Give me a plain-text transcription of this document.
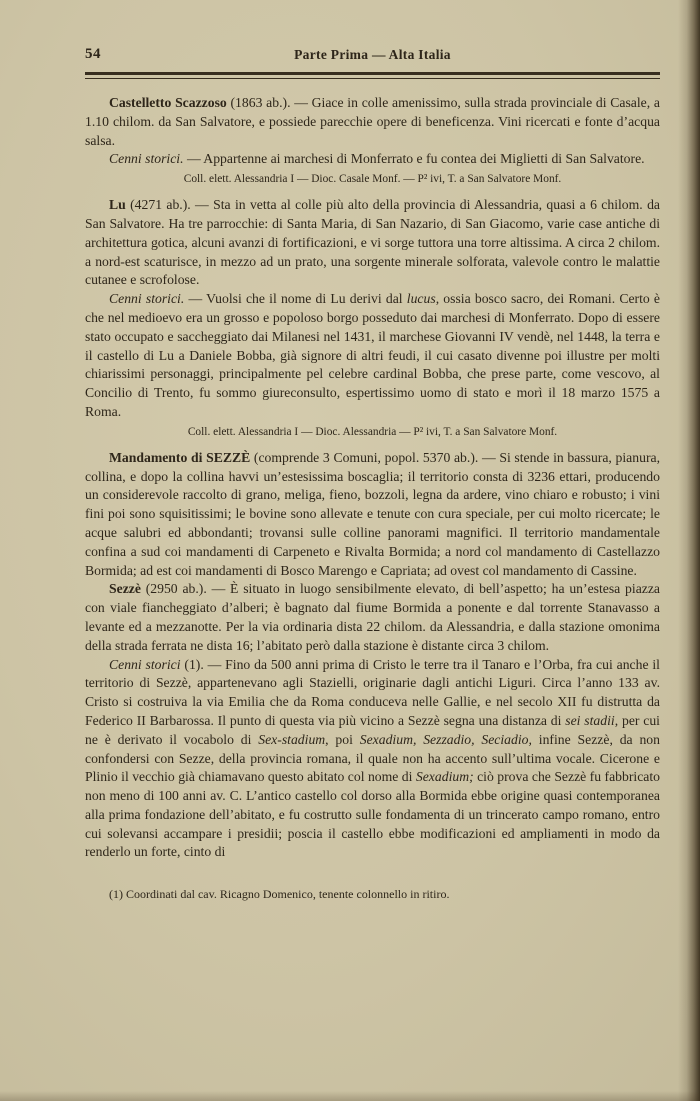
54	Parte Prima — Alta Italia

Castelletto Scazzoso (1863 ab.). — Giace in colle amenissimo, sulla strada provinciale di Casale, a 1.10 chilom. da San Salvatore, e possiede parecchie opere di beneficenza. Vini ricercati e fonte d’acqua salsa.

Cenni storici. — Appartenne ai marchesi di Monferrato e fu contea dei Miglietti di San Salvatore.

Coll. elett. Alessandria I — Dioc. Casale Monf. — P² ivi, T. a San Salvatore Monf.

Lu (4271 ab.). — Sta in vetta al colle più alto della provincia di Alessandria, quasi a 6 chilom. da San Salvatore. Ha tre parrocchie: di Santa Maria, di San Nazario, di San Giacomo, varie case antiche di architettura gotica, alcuni avanzi di fortificazioni, e vi sorge tuttora una torre altissima. A circa 2 chilom. a nord-est scaturisce, in mezzo ad un prato, una sorgente minerale solforata, valevole contro le malattie cutanee e scrofolose.

Cenni storici. — Vuolsi che il nome di Lu derivi dal lucus, ossia bosco sacro, dei Romani. Certo è che nel medioevo era un grosso e popoloso borgo posseduto dai marchesi di Monferrato. Dopo di essere stato occupato e saccheggiato dai Milanesi nel 1431, il marchese Giovanni IV vendè, nel 1448, la terra e il castello di Lu a Daniele Bobba, già signore di altri feudi, il cui casato divenne poi illustre per molti chiarissimi personaggi, principalmente pel celebre cardinal Bobba, che prese parte, come vescovo, al Concilio di Trento, fu sommo giureconsulto, espertissimo uomo di stato e morì il 18 marzo 1575 a Roma.

Coll. elett. Alessandria I — Dioc. Alessandria — P² ivi, T. a San Salvatore Monf.

Mandamento di SEZZÈ (comprende 3 Comuni, popol. 5370 ab.). — Si stende in bassura, pianura, collina, e dopo la collina havvi un’estesissima boscaglia; il territorio consta di 3236 ettari, producendo un considerevole raccolto di grano, meliga, fieno, bozzoli, legna da ardere, vino chiaro e robusto; i vini fini poi sono squisitissimi; le bovine sono allevate e tenute con cura speciale, per cui molto ricercate; le acque salubri ed abbondanti; trovansi sulle colline panorami magnifici. Il territorio mandamentale confina a sud coi mandamenti di Carpeneto e Rivalta Bormida; a nord col mandamento di Castellazzo Bormida; ad est coi mandamenti di Bosco Marengo e Capriata; ad ovest col mandamento di Cassine.

Sezzè (2950 ab.). — È situato in luogo sensibilmente elevato, di bell’aspetto; ha un’estesa piazza con viale fiancheggiato d’alberi; è bagnato dal fiume Bormida a ponente e dal torrente Stanavasso a levante ed a mezzanotte. Per la via ordinaria dista 22 chilom. da Alessandria, e dalla stazione omonima della strada ferrata ne dista 16; l’abitato però dalla stazione è distante circa 3 chilom.

Cenni storici (1). — Fino da 500 anni prima di Cristo le terre tra il Tanaro e l’Orba, fra cui anche il territorio di Sezzè, appartenevano agli Stazielli, originarie dagli antichi Liguri. Circa l’anno 133 av. Cristo si costruiva la via Emilia che da Roma conduceva nelle Gallie, e nel secolo XII fu distrutta da Federico II Barbarossa. Il punto di questa via più vicino a Sezzè segna una distanza di sei stadii, per cui ne è derivato il vocabolo di Sex-stadium, poi Sexadium, Sezzadio, Seciadio, infine Sezzè, da non confondersi con Sezze, della provincia romana, il quale non ha accento sull’ultima vocale. Cicerone e Plinio il vecchio già chiamavano questo abitato col nome di Sexadium; ciò prova che Sezzè fu fabbricato non meno di 100 anni av. C. L’antico castello col dorso alla Bormida ebbe origine quasi contemporanea alla prima fondazione dell’abitato, e fu costrutto sulle fondamenta di un trincerato campo romano, entro cui solevansi accampare i presidii; poscia il castello ebbe modificazioni ed ampliamenti in modo da renderlo un forte, cinto di

(1) Coordinati dal cav. Ricagno Domenico, tenente colonnello in ritiro.
